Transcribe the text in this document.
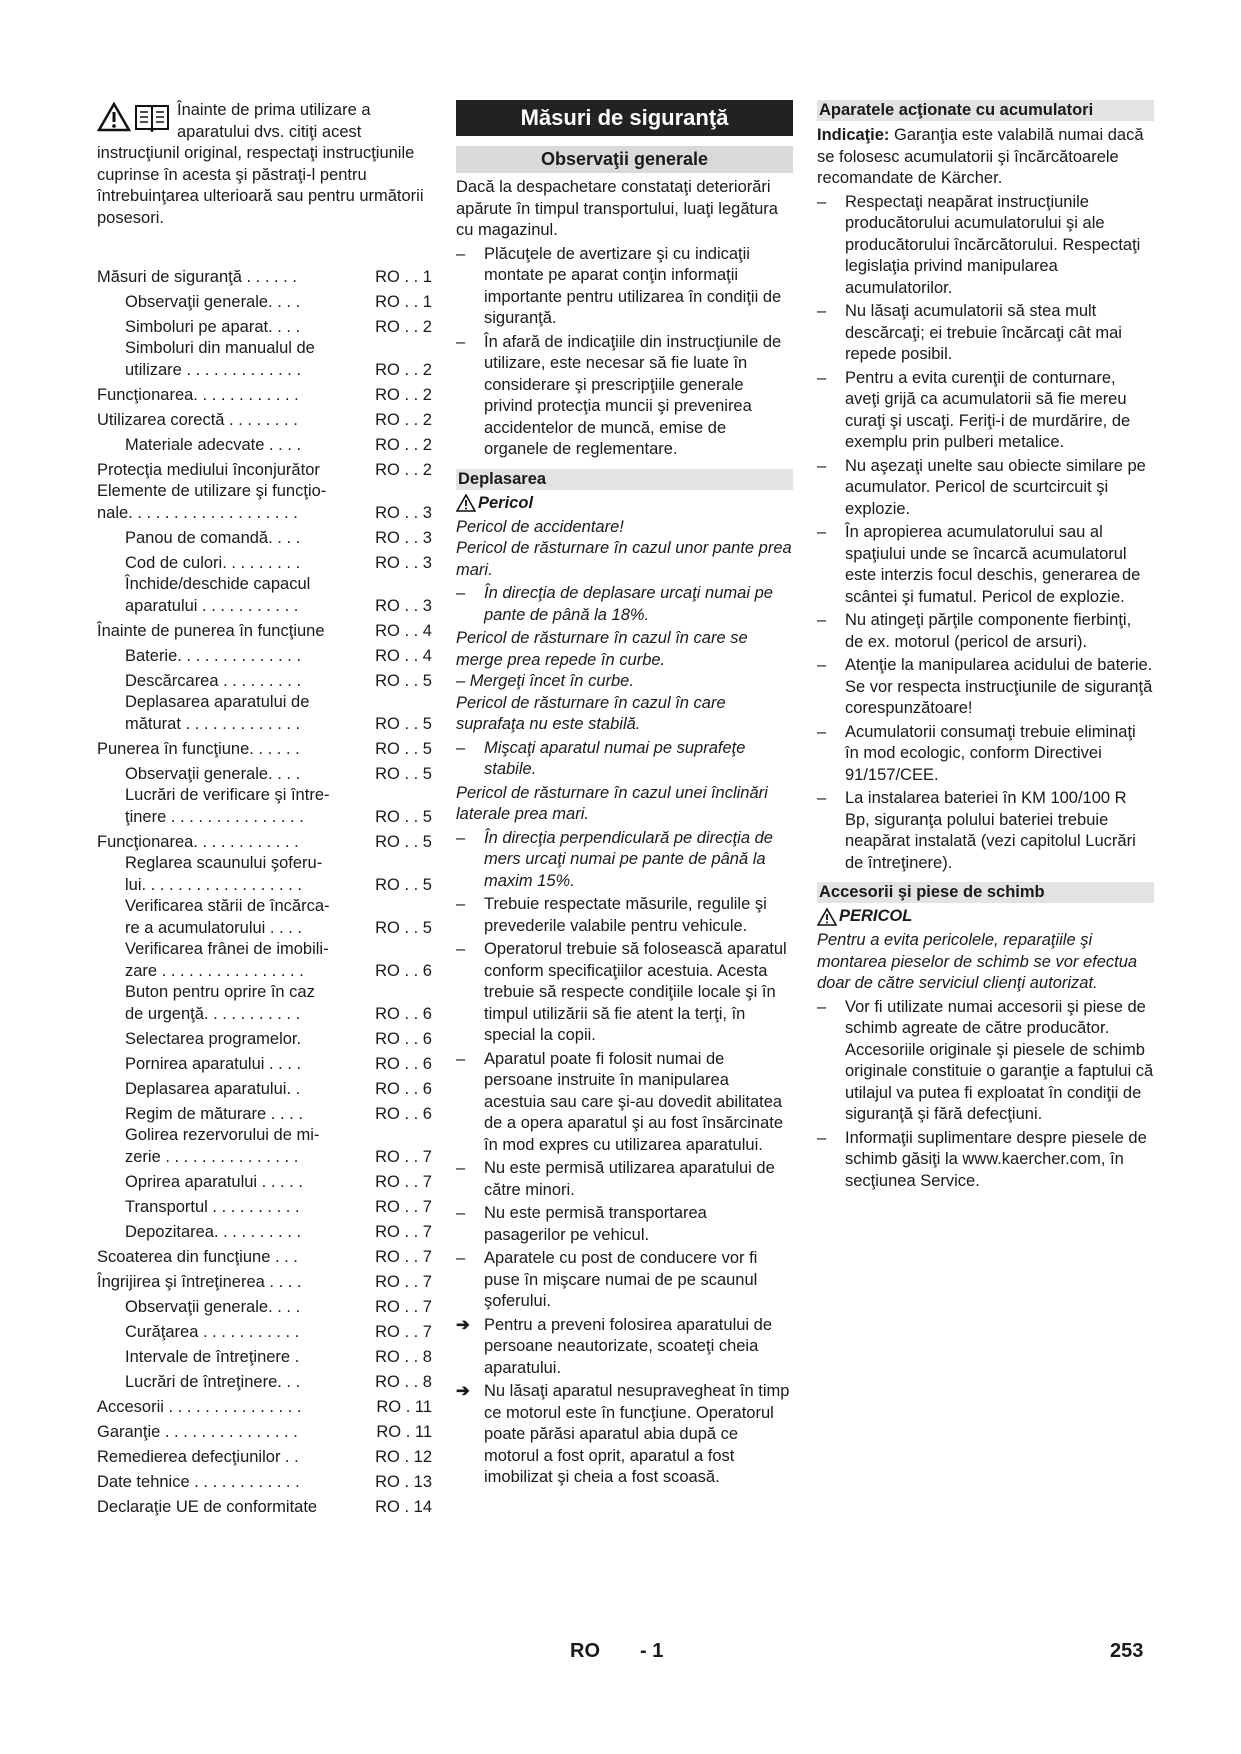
Înainte de prima utilizare a aparatului dvs. citiţi acest instrucţiunil original, respectaţi instrucţiunile cuprinse în acesta şi păstraţi-l pentru întrebuinţarea ulterioară sau pentru următorii posesori.

Măsuri de siguranţă . . . . . .	RO . . 1
Observaţii generale. . . .	RO . . 1
Simboluri pe aparat. . . .	RO . . 2
Simboluri din manualul de
utilizare . . . . . . . . . . . . .	RO . . 2
Funcţionarea. . . . . . . . . . . .	RO . . 2
Utilizarea corectă . . . . . . . .	RO . . 2
Materiale adecvate . . . .	RO . . 2
Protecţia mediului înconjurător	RO . . 2
Elemente de utilizare şi funcţio-
nale. . . . . . . . . . . . . . . . . . .	RO . . 3
Panou de comandă. . . .	RO . . 3
Cod de culori. . . . . . . . .	RO . . 3
Închide/deschide capacul
aparatului . . . . . . . . . . .	RO . . 3
Înainte de punerea în funcţiune	RO . . 4
Baterie. . . . . . . . . . . . . .	RO . . 4
Descărcarea . . . . . . . . .	RO . . 5
Deplasarea aparatului de
măturat . . . . . . . . . . . . .	RO . . 5
Punerea în funcţiune. . . . . .	RO . . 5
Observaţii generale. . . .	RO . . 5
Lucrări de verificare şi între-
ţinere . . . . . . . . . . . . . . .	RO . . 5
Funcţionarea. . . . . . . . . . . .	RO . . 5
Reglarea scaunului şoferu-
lui. . . . . . . . . . . . . . . . . .	RO . . 5
Verificarea stării de încărca-
re a acumulatorului . . . .	RO . . 5
Verificarea frânei de imobili-
zare . . . . . . . . . . . . . . . .	RO . . 6
Buton pentru oprire în caz
de urgenţă. . . . . . . . . . .	RO . . 6
Selectarea programelor.	RO . . 6
Pornirea aparatului . . . .	RO . . 6
Deplasarea aparatului. .	RO . . 6
Regim de măturare . . . .	RO . . 6
Golirea rezervorului de mi-
zerie . . . . . . . . . . . . . . .	RO . . 7
Oprirea aparatului . . . . .	RO . . 7
Transportul . . . . . . . . . .	RO . . 7
Depozitarea. . . . . . . . . .	RO . . 7
Scoaterea din funcţiune . . .	RO . . 7
Îngrijirea şi întreţinerea . . . .	RO . . 7
Observaţii generale. . . .	RO . . 7
Curăţarea . . . . . . . . . . .	RO . . 7
Intervale de întreţinere .	RO . . 8
Lucrări de întreţinere. . .	RO . . 8
Accesorii . . . . . . . . . . . . . . .	RO . 11
Garanţie . . . . . . . . . . . . . . .	RO . 11
Remedierea defecţiunilor . .	RO . 12
Date tehnice . . . . . . . . . . . .	RO . 13
Declaraţie UE de conformitate	RO . 14
Măsuri de siguranţă
Observaţii generale

Dacă la despachetare constataţi deteriorări apărute în timpul transportului, luaţi legătura cu magazinul.

– Plăcuţele de avertizare şi cu indicaţii montate pe aparat conţin informaţii importante pentru utilizarea în condiţii de siguranţă.
– În afară de indicaţiile din instrucţiunile de utilizare, este necesar să fie luate în considerare şi prescripţiile generale privind protecţia muncii şi prevenirea accidentelor de muncă, emise de organele de reglementare.
Deplasarea
Pericol

Pericol de accidentare!

Pericol de răsturnare în cazul unor pante prea mari.

– În direcţia de deplasare urcaţi numai pe pante de până la 18%.

Pericol de răsturnare în cazul în care se merge prea repede în curbe.

– Mergeţi încet în curbe.

Pericol de răsturnare în cazul în care suprafaţa nu este stabilă.

– Mişcaţi aparatul numai pe suprafeţe stabile.

Pericol de răsturnare în cazul unei înclinări laterale prea mari.

– În direcţia perpendiculară pe direcţia de mers urcaţi numai pe pante de până la maxim 15%.
– Trebuie respectate măsurile, regulile şi prevederile valabile pentru vehicule.
– Operatorul trebuie să folosească aparatul conform specificaţiilor acestuia. Acesta trebuie să respecte condiţiile locale şi în timpul utilizării să fie atent la terţi, în special la copii.
– Aparatul poate fi folosit numai de persoane instruite în manipularea acestuia sau care şi-au dovedit abilitatea de a opera aparatul şi au fost însărcinate în mod expres cu utilizarea aparatului.
– Nu este permisă utilizarea aparatului de către minori.
– Nu este permisă transportarea pasagerilor pe vehicul.
– Aparatele cu post de conducere vor fi puse în mişcare numai de pe scaunul şoferului.
➔ Pentru a preveni folosirea aparatului de persoane neautorizate, scoateţi cheia aparatului.
➔ Nu lăsaţi aparatul nesupravegheat în timp ce motorul este în funcţiune. Operatorul poate părăsi aparatul abia după ce motorul a fost oprit, aparatul a fost imobilizat şi cheia a fost scoasă.
Aparatele acţionate cu acumulatori

Indicaţie: Garanţia este valabilă numai dacă se folosesc acumulatorii şi încărcătoarele recomandate de Kärcher.

– Respectaţi neapărat instrucţiunile producătorului acumulatorului şi ale producătorului încărcătorului. Respectaţi legislaţia privind manipularea acumulatorilor.
– Nu lăsaţi acumulatorii să stea mult descărcaţi; ei trebuie încărcaţi cât mai repede posibil.
– Pentru a evita curenţii de conturnare, aveţi grijă ca acumulatorii să fie mereu curaţi şi uscaţi. Feriţi-i de murdărire, de exemplu prin pulberi metalice.
– Nu aşezaţi unelte sau obiecte similare pe acumulator. Pericol de scurtcircuit şi explozie.
– În apropierea acumulatorului sau al spaţiului unde se încarcă acumulatorul este interzis focul deschis, generarea de scântei şi fumatul. Pericol de explozie.
– Nu atingeţi părţile componente fierbinţi, de ex. motorul (pericol de arsuri).
– Atenţie la manipularea acidului de baterie. Se vor respecta instrucţiunile de siguranţă corespunzătoare!
– Acumulatorii consumaţi trebuie eliminaţi în mod ecologic, conform Directivei 91/157/CEE.
– La instalarea bateriei în KM 100/100 R Bp, siguranţa polului bateriei trebuie neapărat instalată (vezi capitolul Lucrări de întreţinere).
Accesorii şi piese de schimb
PERICOL

Pentru a evita pericolele, reparaţiile şi montarea pieselor de schimb se vor efectua doar de către serviciul clienţi autorizat.

– Vor fi utilizate numai accesorii şi piese de schimb agreate de către producător. Accesoriile originale şi piesele de schimb originale constituie o garanţie a faptului că utilajul va putea fi exploatat în condiţii de siguranţă şi fără defecţiuni.
– Informaţii suplimentare despre piesele de schimb găsiţi la www.kaercher.com, în secţiunea Service.
RO - 1	253
